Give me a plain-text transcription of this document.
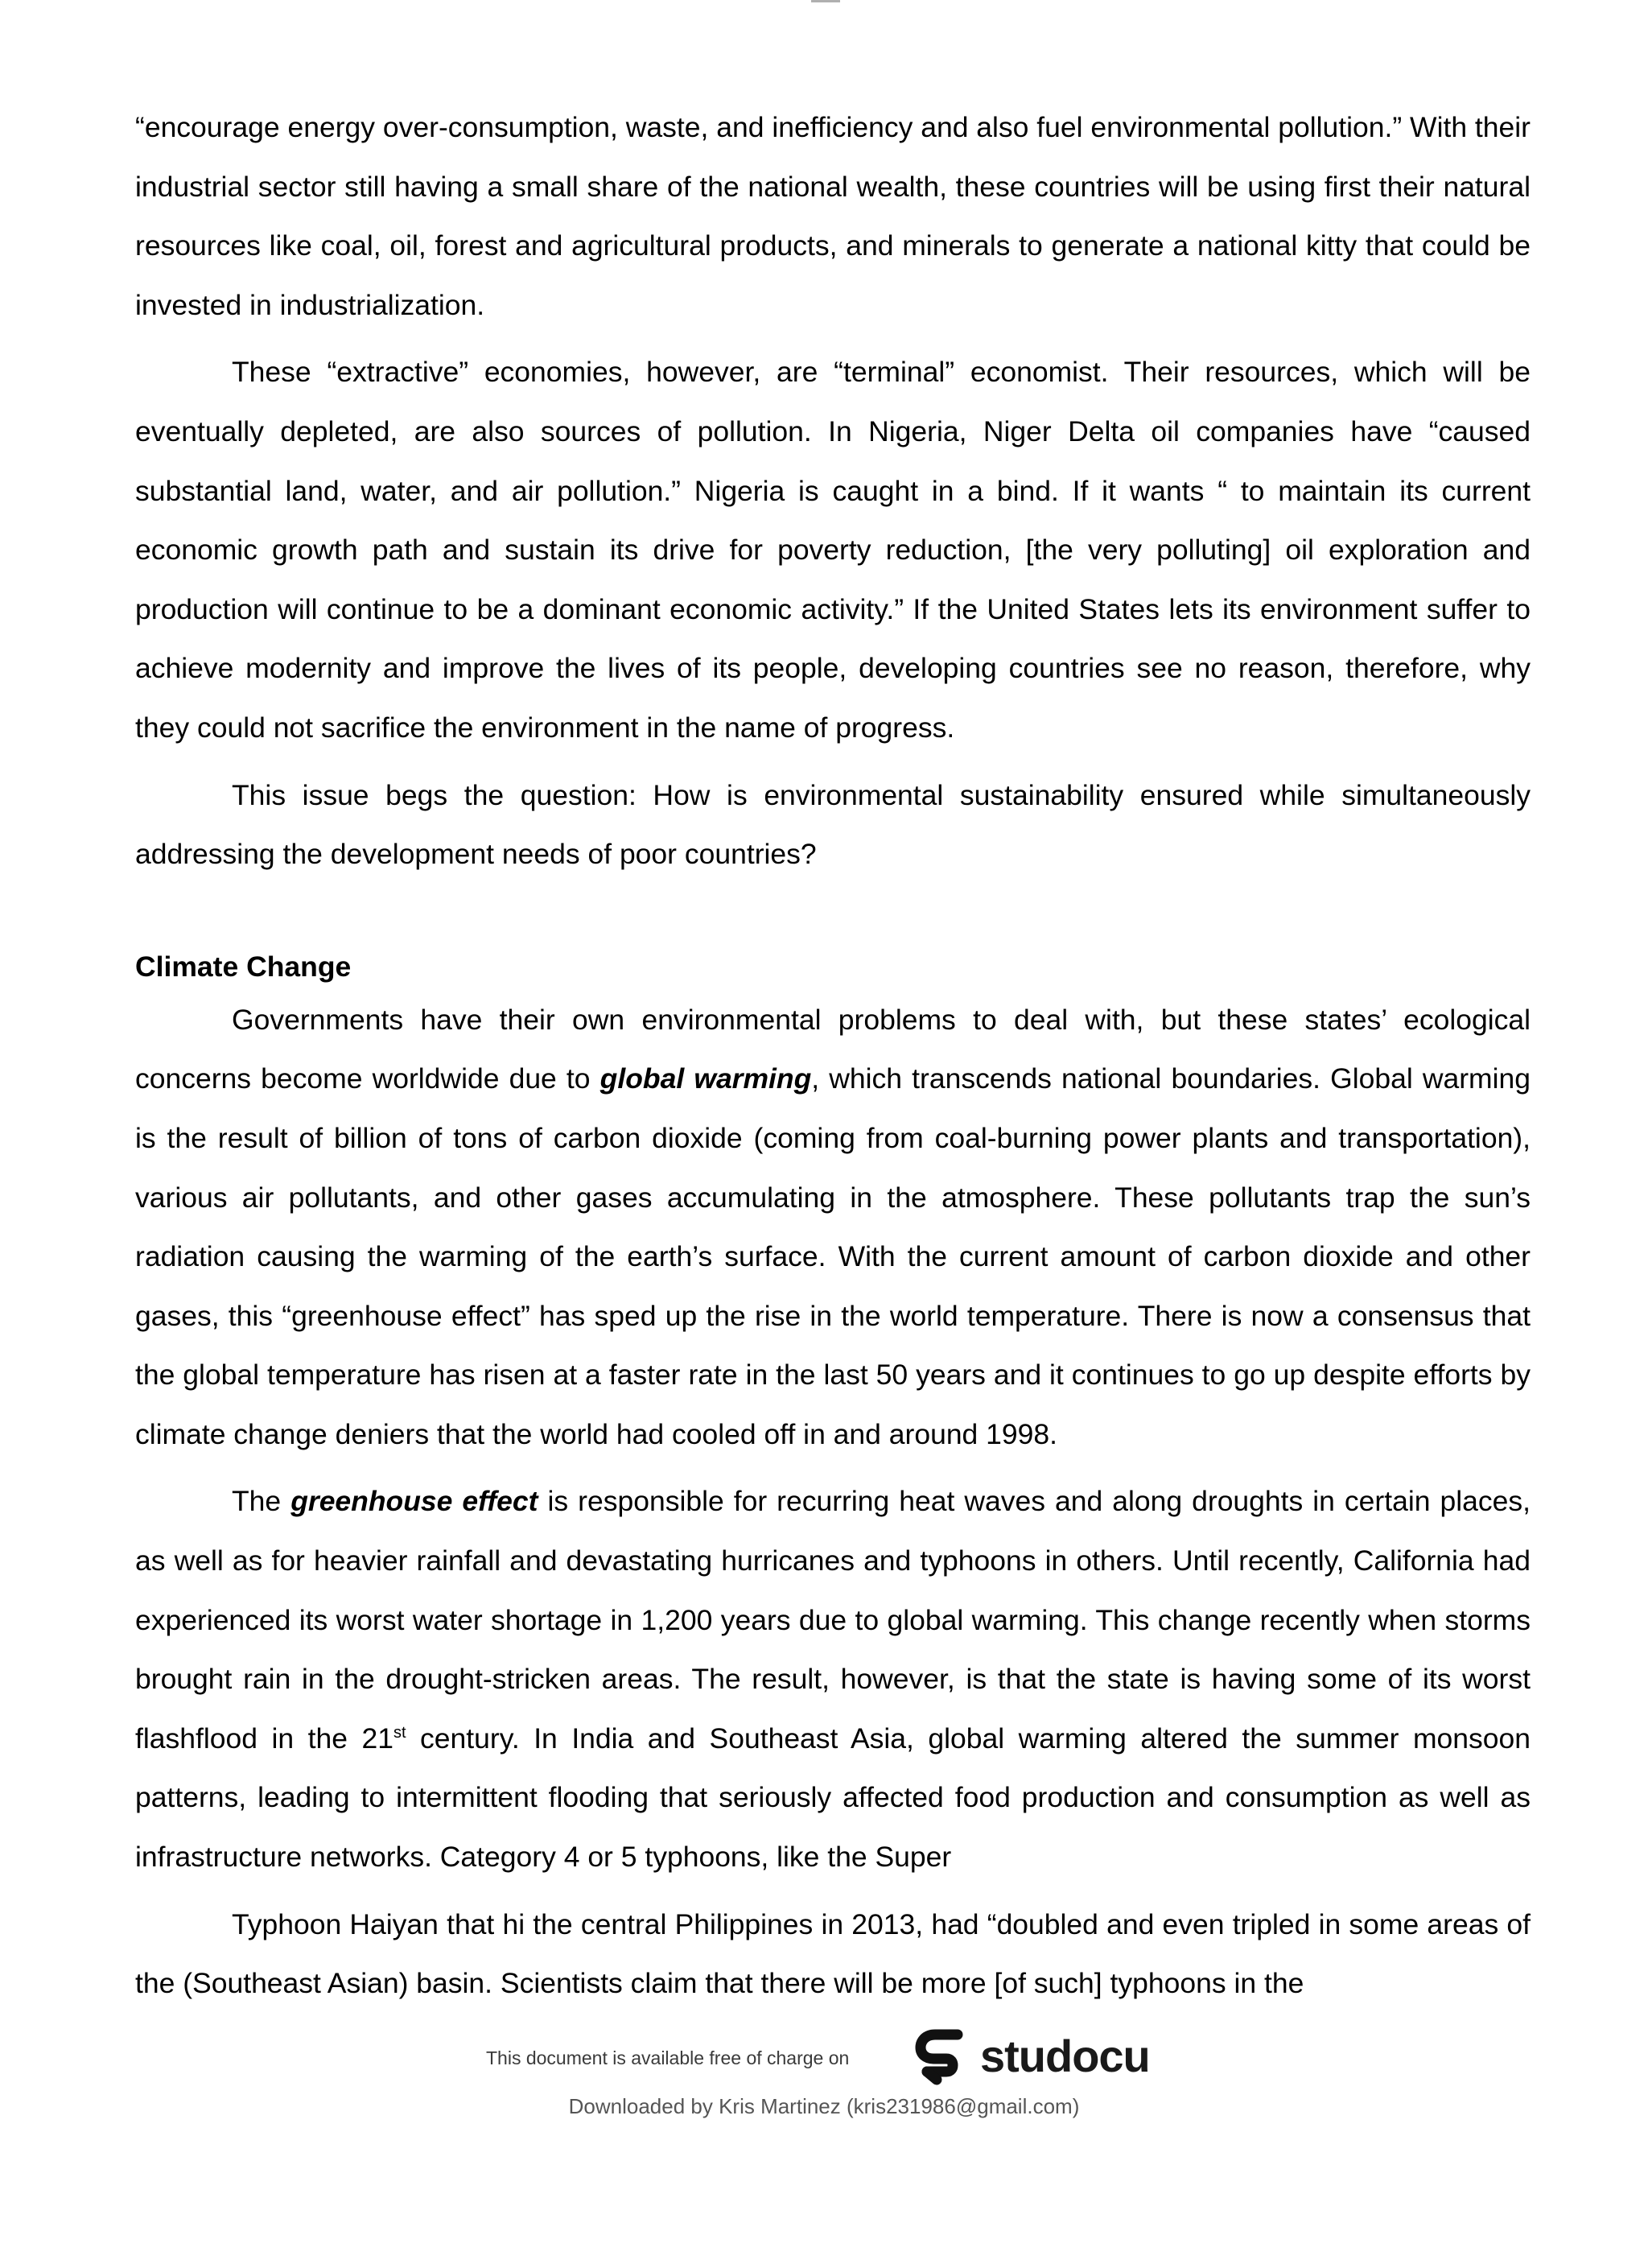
“encourage energy over-consumption, waste, and inefficiency and also fuel environmental pollution.” With their industrial sector still having a small share of the national wealth, these countries will be using first their natural resources like coal, oil, forest and agricultural products, and minerals to generate a national kitty that could be invested in industrialization.

These “extractive” economies, however, are “terminal” economist. Their resources, which will be eventually depleted, are also sources of pollution. In Nigeria, Niger Delta oil companies have “caused substantial land, water, and air pollution.” Nigeria is caught in a bind. If it wants “ to maintain its current economic growth path and sustain its drive for poverty reduction, [the very polluting] oil exploration and production will continue to be a dominant economic activity.” If the United States lets its environment suffer to achieve modernity and improve the lives of its people, developing countries see no reason, therefore, why they could not sacrifice the environment in the name of progress.

This issue begs the question: How is environmental sustainability ensured while simultaneously addressing the development needs of poor countries?

Climate Change

Governments have their own environmental problems to deal with, but these states’ ecological concerns become worldwide due to global warming, which transcends national boundaries. Global warming is the result of billion of tons of carbon dioxide (coming from coal-burning power plants and transportation), various air pollutants, and other gases accumulating in the atmosphere. These pollutants trap the sun’s radiation causing the warming of the earth’s surface. With the current amount of carbon dioxide and other gases, this “greenhouse effect” has sped up the rise in the world temperature. There is now a consensus that the global temperature has risen at a faster rate in the last 50 years and it continues to go up despite efforts by climate change deniers that the world had cooled off in and around 1998.

The greenhouse effect is responsible for recurring heat waves and along droughts in certain places, as well as for heavier rainfall and devastating hurricanes and typhoons in others. Until recently, California had experienced its worst water shortage in 1,200 years due to global warming. This change recently when storms brought rain in the drought-stricken areas. The result, however, is that the state is having some of its worst flashflood in the 21st century. In India and Southeast Asia, global warming altered the summer monsoon patterns, leading to intermittent flooding that seriously affected food production and consumption as well as infrastructure networks. Category 4 or 5 typhoons, like the Super

Typhoon Haiyan that hi the central Philippines in 2013, had “doubled and even tripled in some areas of the (Southeast Asian) basin. Scientists claim that there will be more [of such] typhoons in the

This document is available free of charge on	studocu
Downloaded by Kris Martinez (kris231986@gmail.com)
